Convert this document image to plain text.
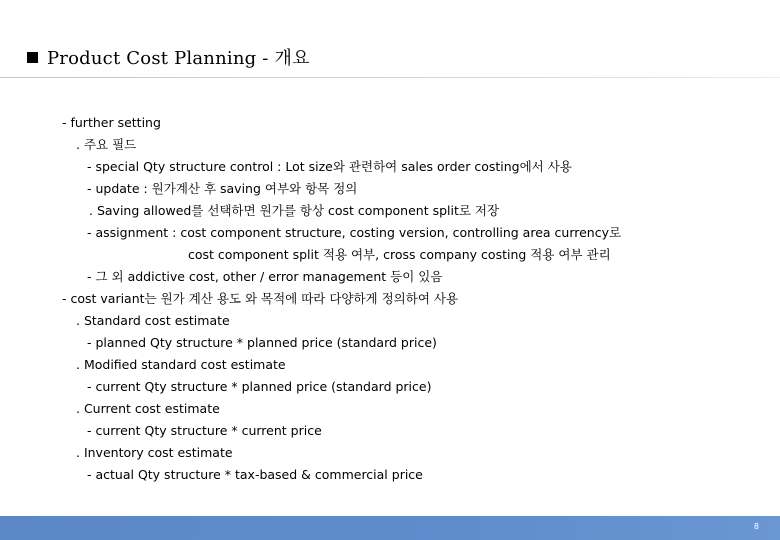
Product Cost Planning - 개요
- further setting
. 주요 필드
- special Qty structure control : Lot size와 관련하여 sales order costing에서 사용
- update : 원가계산 후 saving 여부와 항목 정의
. Saving allowed를 선택하면 원가를 항상 cost component split로 저장
- assignment : cost component structure, costing version, controlling area currency로
cost component split 적용 여부, cross company costing 적용 여부 관리
- 그 외 addictive cost, other / error management 등이 있음
- cost variant는 원가 계산 용도 와 목적에 따라 다양하게 정의하여 사용
. Standard cost estimate
- planned Qty structure * planned price (standard price)
. Modified standard cost estimate
- current Qty structure * planned price (standard price)
. Current cost estimate
- current Qty structure * current price
. Inventory cost estimate
- actual Qty structure * tax-based & commercial price
8
